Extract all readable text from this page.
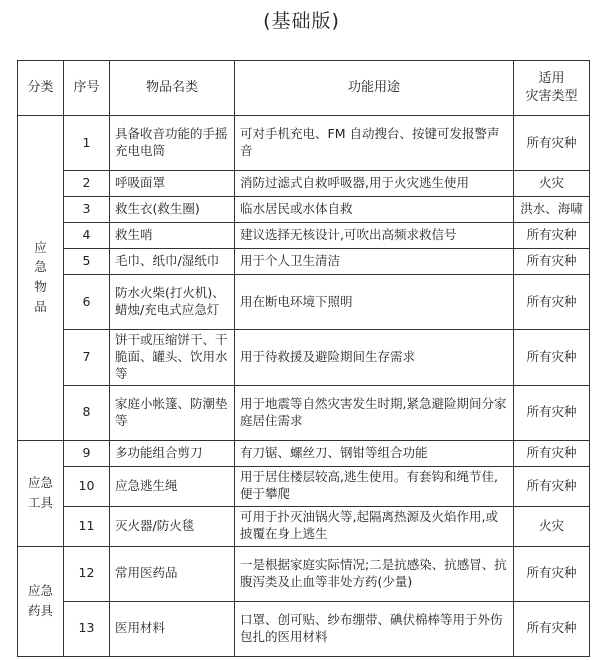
(基础版)
分类	序号	物品名类	功能用途	适用
灾害类型

应
急
物
品	1	具备收音功能的手摇充电电筒	可对手机充电、FM 自动搜台、按键可发报警声音	所有灾种
	2	呼吸面罩	消防过滤式自救呼吸器,用于火灾逃生使用	火灾
	3	救生衣(救生圈)	临水居民或水体自救	洪水、海啸
	4	救生哨	建议选择无核设计,可吹出高频求救信号	所有灾种
	5	毛巾、纸巾/湿纸巾	用于个人卫生清洁	所有灾种
	6	防水火柴(打火机)、蜡烛/充电式应急灯	用在断电环境下照明	所有灾种
	7	饼干或压缩饼干、干脆面、罐头、饮用水等	用于待救援及避险期间生存需求	所有灾种
	8	家庭小帐篷、防潮垫等	用于地震等自然灾害发生时期,紧急避险期间分家庭居住需求	所有灾种

应急
工具	9	多功能组合剪刀	有刀锯、螺丝刀、钢钳等组合功能	所有灾种
	10	应急逃生绳	用于居住楼层较高,逃生使用。有套钩和绳节佳,便于攀爬	所有灾种
	11	灭火器/防火毯	可用于扑灭油锅火等,起隔离热源及火焰作用,或披覆在身上逃生	火灾

应急
药具	12	常用医药品	一是根据家庭实际情况;二是抗感染、抗感冒、抗腹泻类及止血等非处方药(少量)	所有灾种
	13	医用材料	口罩、创可贴、纱布绷带、碘伏棉棒等用于外伤包扎的医用材料	所有灾种
